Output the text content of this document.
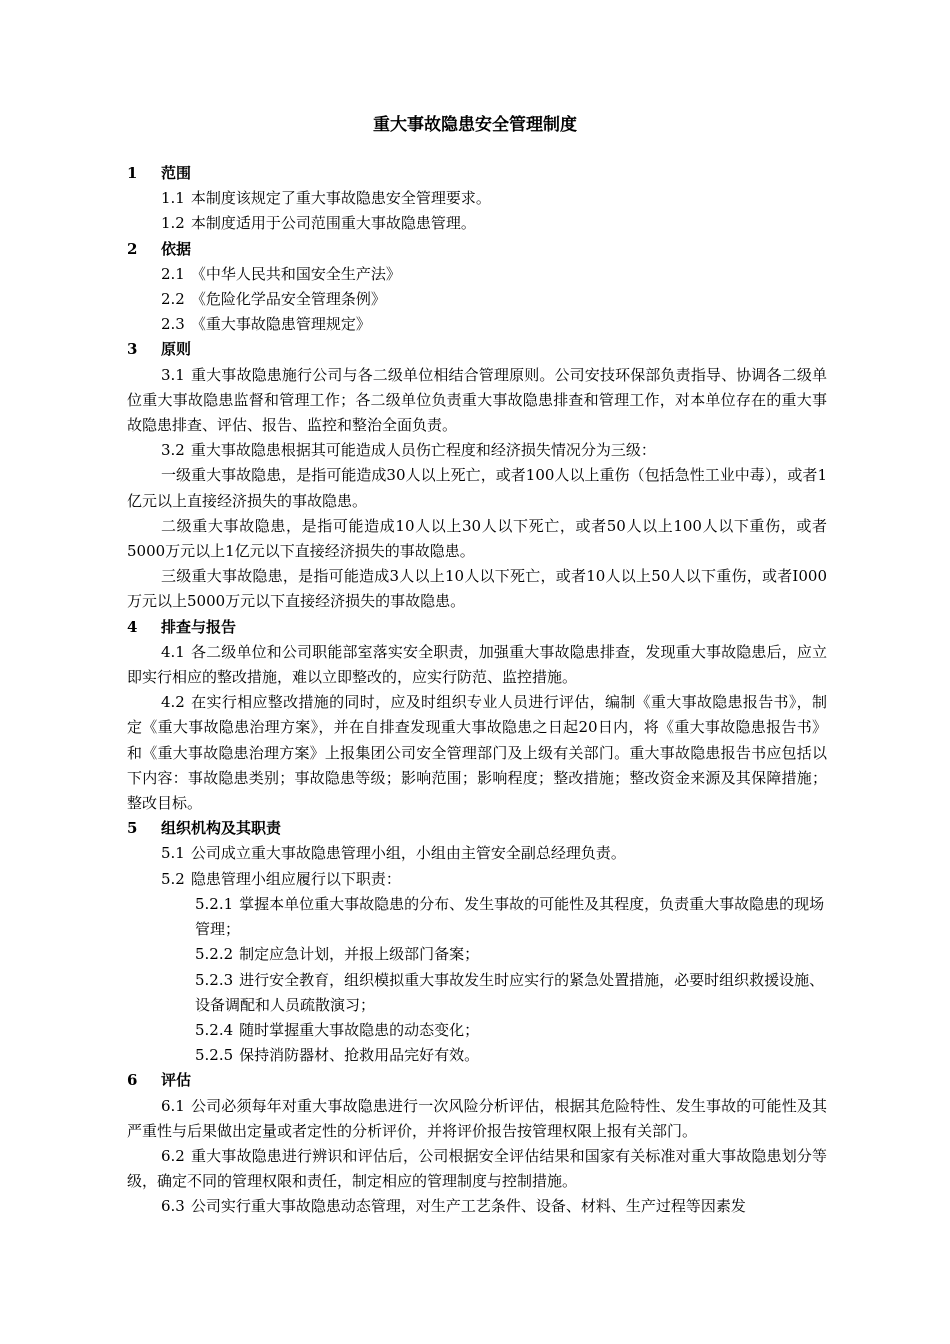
重大事故隐患安全管理制度
1	范围

1.1 本制度该规定了重大事故隐患安全管理要求。

1.2 本制度适用于公司范围重大事故隐患管理。

2	依据

2.1 《中华人民共和国安全生产法》

2.2 《危险化学品安全管理条例》

2.3 《重大事故隐患管理规定》

3	原则

3.1 重大事故隐患施行公司与各二级单位相结合管理原则。公司安技环保部负责指导、协调各二级单位重大事故隐患监督和管理工作；各二级单位负责重大事故隐患排查和管理工作，对本单位存在的重大事故隐患排查、评估、报告、监控和整治全面负责。

3.2 重大事故隐患根据其可能造成人员伤亡程度和经济损失情况分为三级：

一级重大事故隐患，是指可能造成30人以上死亡，或者100人以上重伤（包括急性工业中毒），或者1亿元以上直接经济损失的事故隐患。

二级重大事故隐患，是指可能造成10人以上30人以下死亡，或者50人以上100人以下重伤，或者5000万元以上1亿元以下直接经济损失的事故隐患。

三级重大事故隐患，是指可能造成3人以上10人以下死亡，或者10人以上50人以下重伤，或者I000万元以上5000万元以下直接经济损失的事故隐患。

4	排查与报告

4.1 各二级单位和公司职能部室落实安全职责，加强重大事故隐患排查，发现重大事故隐患后，应立即实行相应的整改措施，难以立即整改的，应实行防范、监控措施。

4.2 在实行相应整改措施的同时，应及时组织专业人员进行评估，编制《重大事故隐患报告书》，制定《重大事故隐患治理方案》，并在自排查发现重大事故隐患之日起20日内，将《重大事故隐患报告书》和《重大事故隐患治理方案》上报集团公司安全管理部门及上级有关部门。重大事故隐患报告书应包括以下内容：事故隐患类别；事故隐患等级；影响范围；影响程度；整改措施；整改资金来源及其保障措施；整改目标。

5	组织机构及其职责

5.1 公司成立重大事故隐患管理小组，小组由主管安全副总经理负责。

5.2 隐患管理小组应履行以下职责：

5.2.1 掌握本单位重大事故隐患的分布、发生事故的可能性及其程度，负责重大事故隐患的现场管理；

5.2.2 制定应急计划，并报上级部门备案；

5.2.3 进行安全教育，组织模拟重大事故发生时应实行的紧急处置措施，必要时组织救援设施、设备调配和人员疏散演习；

5.2.4 随时掌握重大事故隐患的动态变化；

5.2.5 保持消防器材、抢救用品完好有效。

6	评估

6.1 公司必须每年对重大事故隐患进行一次风险分析评估，根据其危险特性、发生事故的可能性及其严重性与后果做出定量或者定性的分析评价，并将评价报告按管理权限上报有关部门。

6.2 重大事故隐患进行辨识和评估后，公司根据安全评估结果和国家有关标准对重大事故隐患划分等级，确定不同的管理权限和责任，制定相应的管理制度与控制措施。

6.3 公司实行重大事故隐患动态管理，对生产工艺条件、设备、材料、生产过程等因素发
